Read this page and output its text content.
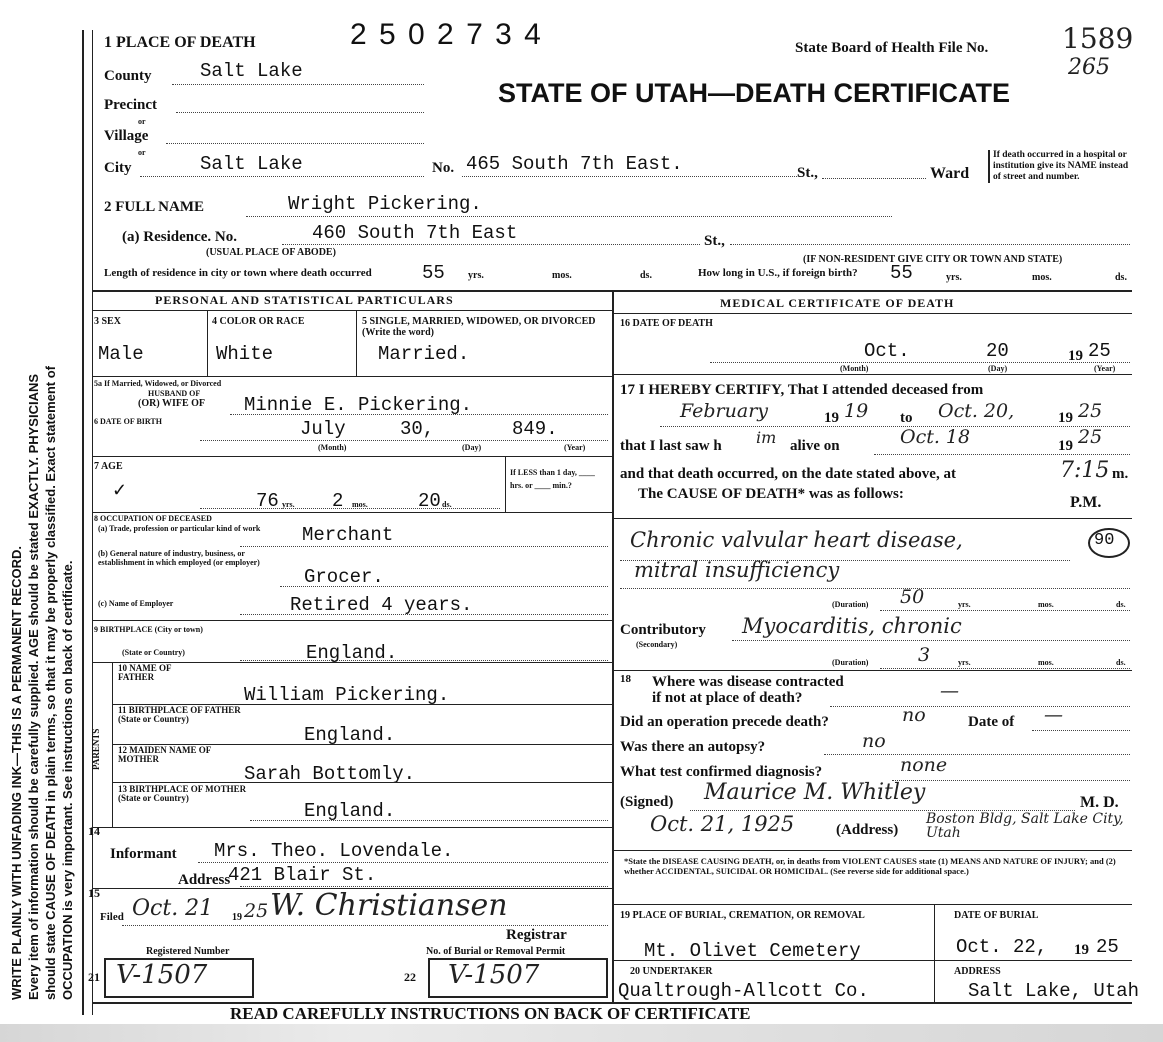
WRITE PLAINLY WITH UNFADING INK—THIS IS A PERMANENT RECORD. Every item of information should be carefully supplied. AGE should be stated EXACTLY. PHYSICIANS should state CAUSE OF DEATH in plain terms, so that it may be properly classified. Exact statement of OCCUPATION is very important. See instructions on back of certificate.
1 PLACE OF DEATH	2 5 0 2 7 3 4	State Board of Health File No.	1589
265
STATE OF UTAH—DEATH CERTIFICATE
County	Salt Lake
Precinct
or
Village
or
City	Salt Lake	No. 465 South 7th East.	St.,	Ward
If death occurred in a hospital or institution give its NAME instead of street and number.
2 FULL NAME	Wright Pickering.
(a) Residence. No.	460 South 7th East	St.,
(USUAL PLACE OF ABODE)
(IF NON-RESIDENT GIVE CITY OR TOWN AND STATE)
Length of residence in city or town where death occurred	55 yrs.	mos.	ds.	How long in U.S., if foreign birth? 55	yrs.	mos.	ds.
PERSONAL AND STATISTICAL PARTICULARS
3 SEX
Male
4 COLOR OR RACE
White
5 SINGLE, MARRIED, WIDOWED, OR DIVORCED (Write the word)
Married.
5a If Married, Widowed, or Divorced
HUSBAND OF
(OR) WIFE OF Minnie E. Pickering.
6 DATE OF BIRTH	July	30,	849.
(Month)	(Day)	(Year)
7 AGE
✓	76 yrs. 2 mos.	20 ds.
If LESS than 1 day, ____ hrs. or ____ min.?
8 OCCUPATION OF DECEASED
(a) Trade, profession or particular kind of work	Merchant
(b) General nature of industry, business, or establishment in which employed (or employer)
Grocer.
(c) Name of Employer	Retired 4 years.
9 BIRTHPLACE (City or town)
(State or Country)	England.
PARENTS
10 NAME OF FATHER
William Pickering.
11 BIRTHPLACE OF FATHER (State or Country)
England.
12 MAIDEN NAME OF MOTHER
Sarah Bottomly.
13 BIRTHPLACE OF MOTHER (State or Country)
England.
14
Informant Mrs. Theo. Lovendale.
Address
421 Blair St.
15
Filed Oct. 21 19 25 W. Christiansen
Registrar
Registered Number
21 V-1507
No. of Burial or Removal Permit
22 V-1507
MEDICAL CERTIFICATE OF DEATH
16 DATE OF DEATH
Oct.	20	19 25
(Month)	(Day)	(Year)
17 I HEREBY CERTIFY, That I attended deceased from
February	19 19 to Oct. 20,	19 25
that I last saw h im alive on	Oct. 18	19 25
and that death occurred, on the date stated above, at	7:15 m.
The CAUSE OF DEATH* was as follows:	P.M.
Chronic valvular heart disease,	90
mitral insufficiency
(Duration) 50	yrs.	mos.	ds.
Contributory
(Secondary)
Myocarditis, chronic
(Duration)	3	yrs.	mos.	ds.
18 Where was disease contracted
if not at place of death?	—
Did an operation precede death?	no	Date of —
Was there an autopsy?	no
What test confirmed diagnosis?	none
(Signed) Maurice M. Whitley	M. D.
Oct. 21, 1925	(Address)
Boston Bldg, Salt Lake City, Utah
*State the DISEASE CAUSING DEATH, or, in deaths from VIOLENT CAUSES state (1) MEANS AND NATURE OF INJURY; and (2) whether ACCIDENTAL, SUICIDAL OR HOMICIDAL. (See reverse side for additional space.)
19 PLACE OF BURIAL, CREMATION, OR REMOVAL
Mt. Olivet Cemetery
DATE OF BURIAL
Oct. 22, 19 25
20 UNDERTAKER
Qualtrough-Allcott Co.
ADDRESS
Salt Lake, Utah
READ CAREFULLY INSTRUCTIONS ON BACK OF CERTIFICATE
